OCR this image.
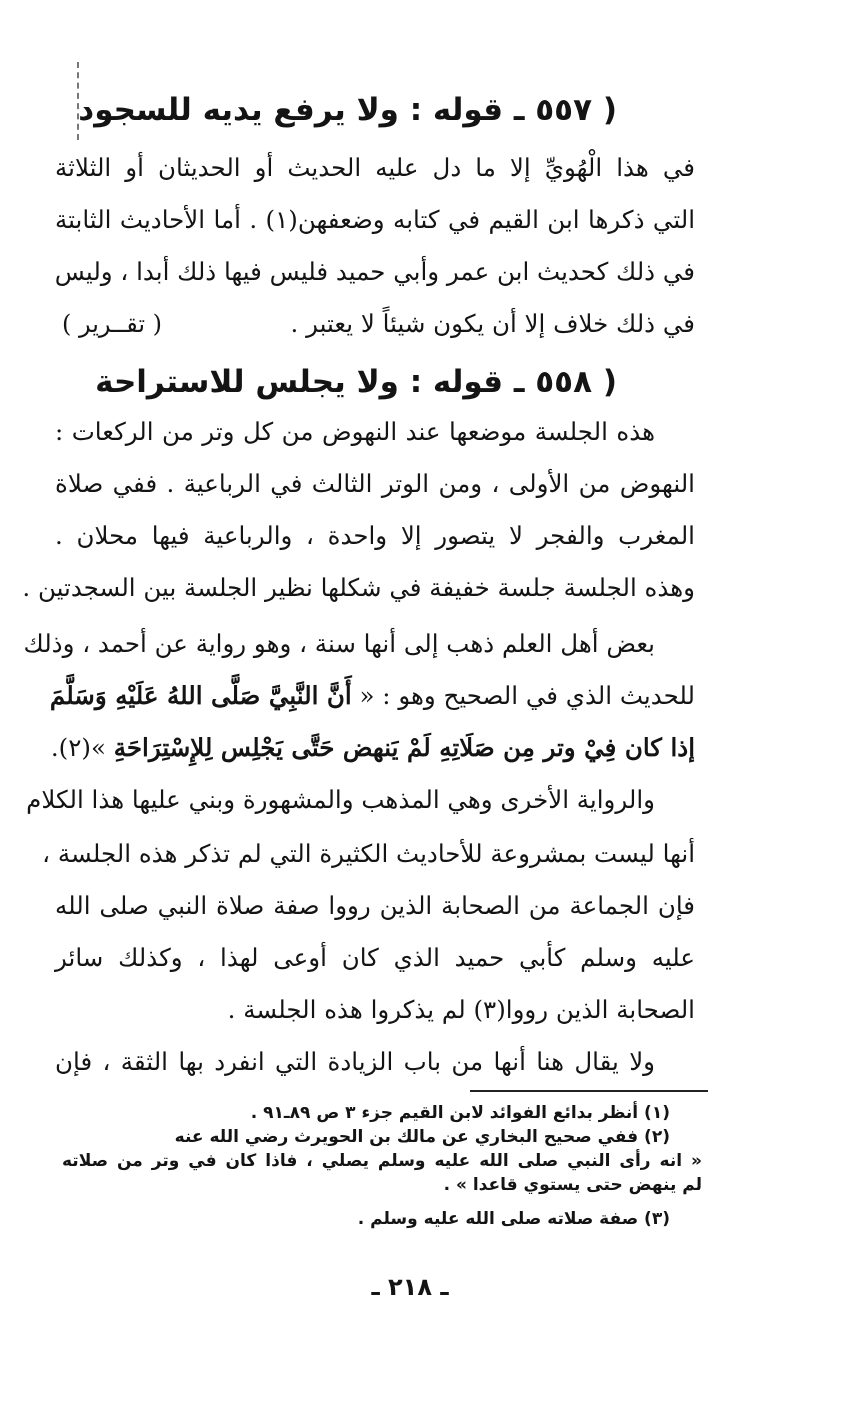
( ٥٥٧ ـ قوله : ولا يرفع يديه للسجود
في هذا الْهُويِّ إلا ما دل عليه الحديث أو الحديثان أو الثلاثة
التي ذكرها ابن القيم في كتابه وضعفهن(١) . أما الأحاديث الثابتة
في ذلك كحديث ابن عمر وأبي حميد فليس فيها ذلك أبدا ، وليس
في ذلك خلاف إلا أن يكون شيئاً لا يعتبر .
( تقــرير )
( ٥٥٨ ـ قوله : ولا يجلس للاستراحة
هذه الجلسة موضعها عند النهوض من كل وتر من الركعات :
النهوض من الأولى ، ومن الوتر الثالث في الرباعية . ففي صلاة
المغرب والفجر لا يتصور إلا واحدة ، والرباعية فيها محلان .
وهذه الجلسة جلسة خفيفة في شكلها نظير الجلسة بين السجدتين .
بعض أهل العلم ذهب إلى أنها سنة ، وهو رواية عن أحمد ، وذلك
للحديث الذي في الصحيح وهو : « أَنَّ النَّبِيَّ صَلَّى اللهُ عَلَيْهِ وَسَلَّمَ
إذا كان فِيْ وتر مِن صَلَاتِهِ لَمْ يَنهض حَتَّى يَجْلِس لِلإِسْتِرَاحَةِ »(٢).
والرواية الأخرى وهي المذهب والمشهورة وبني عليها هذا الكلام
أنها ليست بمشروعة للأحاديث الكثيرة التي لم تذكر هذه الجلسة ،
فإن الجماعة من الصحابة الذين رووا صفة صلاة النبي صلى الله
عليه وسلم كأبي حميد الذي كان أوعى لهذا ، وكذلك سائر
الصحابة الذين رووا(٣) لم يذكروا هذه الجلسة .
ولا يقال هنا أنها من باب الزيادة التي انفرد بها الثقة ، فإن
(١) أنظر بدائع الفوائد لابن القيم جزء ٣ ص ٨٩ـ٩١ .
(٢) ففي صحيح البخاري عن مالك بن الحويرث رضي الله عنه
« انه رأى النبي صلى الله عليه وسلم يصلي ، فاذا كان في وتر من صلاته
لم ينهض حتى يستوي قاعدا » .
(٣) صفة صلاته صلى الله عليه وسلم .
ـ ٢١٨ ـ
